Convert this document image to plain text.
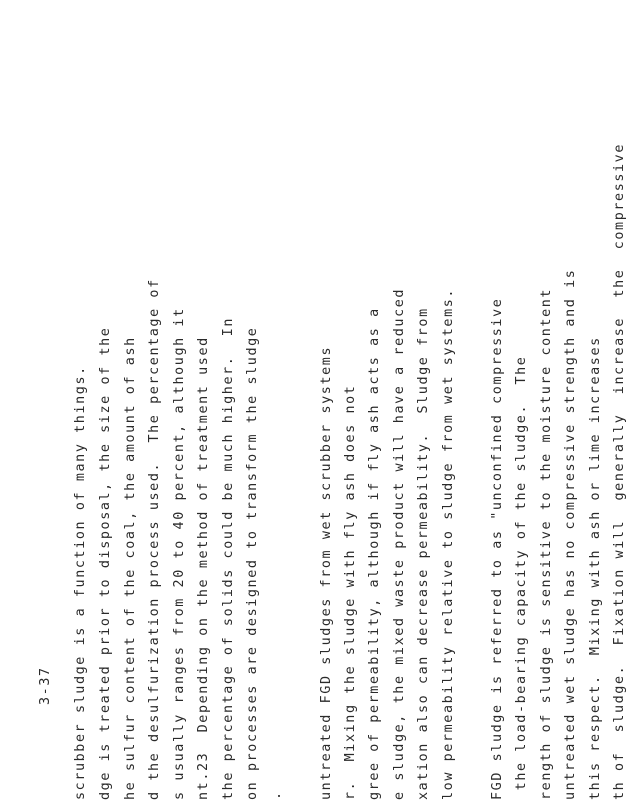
3-37

scrubber sludge is a function of many things.

dge is treated prior to disposal, the size of the

he sulfur content of the coal, the amount of ash

d the desulfurization process used.  The percentage of

s usually ranges from 20 to 40 percent, although it

nt.23  Depending on the method of treatment used

the percentage of solids could be much higher.  In

on processes are designed to transform the sludge

.

	untreated FGD sludges from wet scrubber systems

r.  Mixing the sludge with fly ash does not

gree of permeability, although if fly ash acts as a

e sludge, the mixed waste product will have a reduced

xation also can decrease permeability.  Sludge from

low permeability relative to sludge from wet systems.

	FGD sludge is referred to as "unconfined compressive

the load-bearing capacity of the sludge.  The

rength of sludge is sensitive to the moisture content

untreated wet sludge has no compressive strength and is

this respect.  Mixing with ash or lime increases

th of  sludge.  Fixation will  generally  increase  the  compressive
